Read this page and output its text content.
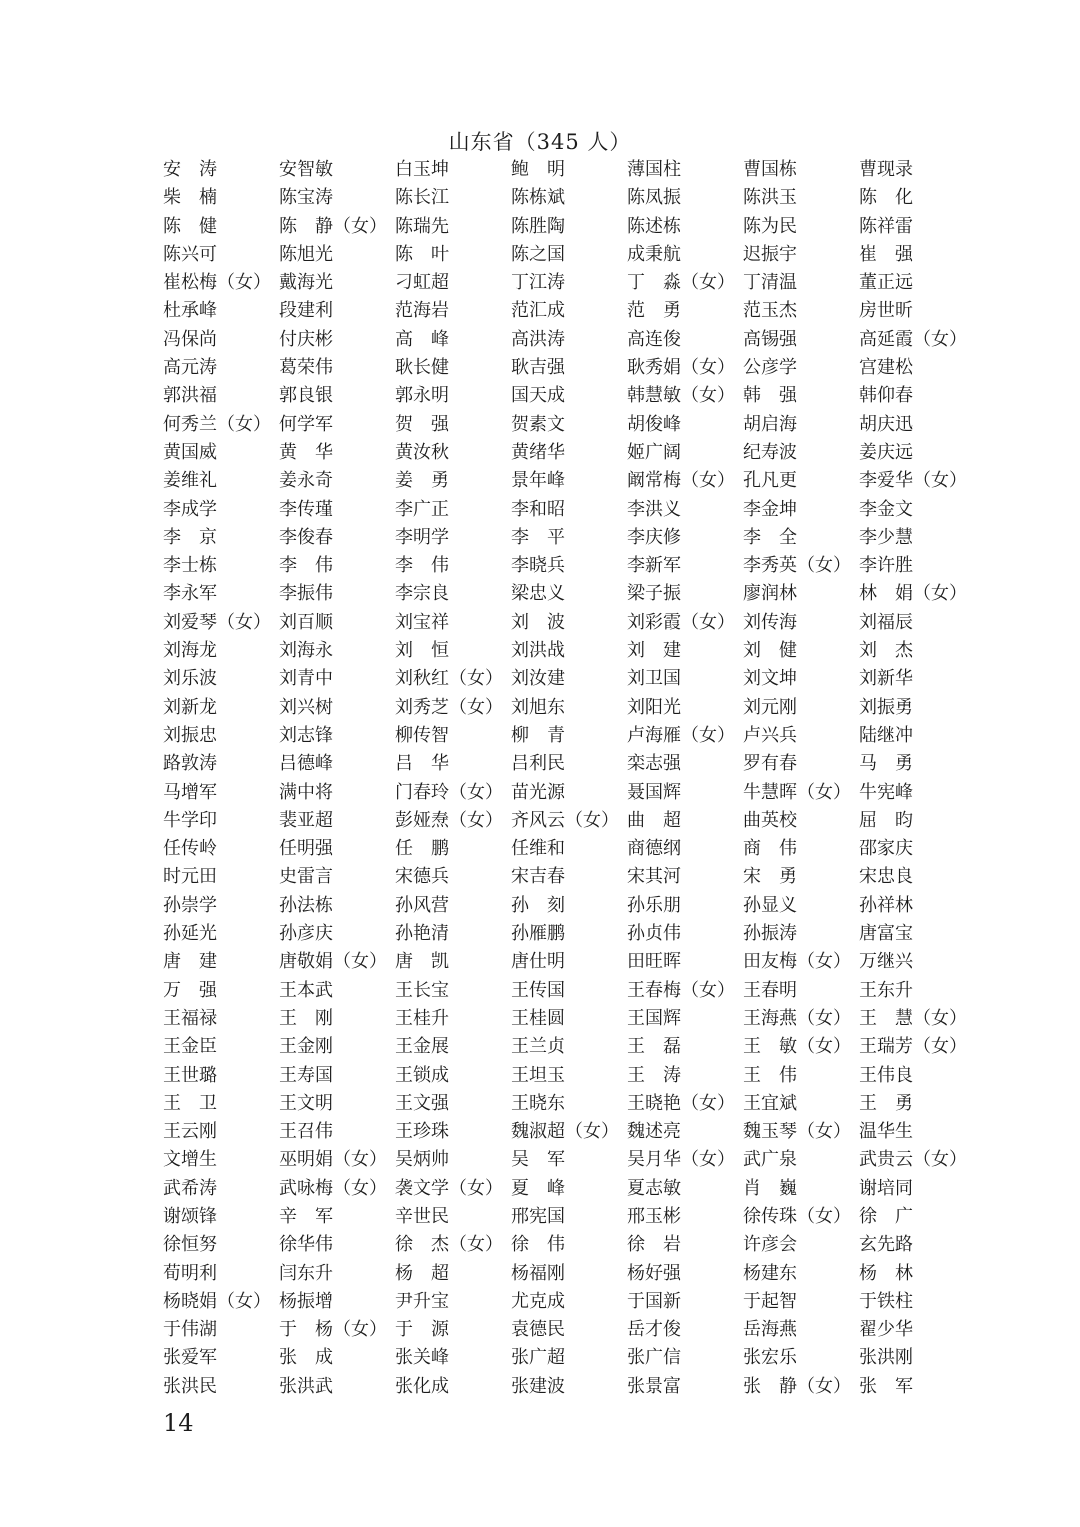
山东省（345 人）
安　涛	安智敏	白玉坤	鲍　明	薄国柱	曹国栋	曹现录
柴　楠	陈宝涛	陈长江	陈栋斌	陈凤振	陈洪玉	陈　化
陈　健	陈　静（女） 陈瑞先	陈胜陶	陈述栋	陈为民	陈祥雷
陈兴可	陈旭光	陈　叶	陈之国	成秉航	迟振宇	崔　强
崔松梅（女） 戴海光	刁虹超	丁江涛	丁　淼（女） 丁清温	董正远
杜承峰	段建利	范海岩	范汇成	范　勇	范玉杰	房世昕
冯保尚	付庆彬	高　峰	高洪涛	高连俊	高锡强	高延霞（女）
高元涛	葛荣伟	耿长健	耿吉强	耿秀娟（女） 公彦学	宫建松
郭洪福	郭良银	郭永明	国天成	韩慧敏（女） 韩　强	韩仰春
何秀兰（女） 何学军	贺　强	贺素文	胡俊峰	胡启海	胡庆迅
黄国威	黄　华	黄汝秋	黄绪华	姬广阔	纪寿波	姜庆远
姜维礼	姜永奇	姜　勇	景年峰	阚常梅（女） 孔凡更	李爱华（女）
李成学	李传瑾	李广正	李和昭	李洪义	李金坤	李金文
李　京	李俊春	李明学	李　平	李庆修	李　全	李少慧
李士栋	李　伟	李　伟	李晓兵	李新军	李秀英（女） 李许胜
李永军	李振伟	李宗良	梁忠义	梁子振	廖润林	林　娟（女）
刘爱琴（女） 刘百顺	刘宝祥	刘　波	刘彩霞（女） 刘传海	刘福辰
刘海龙	刘海永	刘　恒	刘洪战	刘　建	刘　健	刘　杰
刘乐波	刘青中	刘秋红（女） 刘汝建	刘卫国	刘文坤	刘新华
刘新龙	刘兴树	刘秀芝（女） 刘旭东	刘阳光	刘元刚	刘振勇
刘振忠	刘志锋	柳传智	柳　青	卢海雁（女） 卢兴兵	陆继冲
路敦涛	吕德峰	吕　华	吕利民	栾志强	罗有春	马　勇
马增军	满中将	门春玲（女） 苗光源	聂国辉	牛慧晖（女） 牛宪峰
牛学印	裴亚超	彭娅焘（女） 齐风云（女） 曲　超	曲英校	屈　昀
任传岭	任明强	任　鹏	任维和	商德纲	商　伟	邵家庆
时元田	史雷言	宋德兵	宋吉春	宋其河	宋　勇	宋忠良
孙崇学	孙法栋	孙风营	孙　刻	孙乐朋	孙显义	孙祥林
孙延光	孙彦庆	孙艳清	孙雁鹏	孙贞伟	孙振涛	唐富宝
唐　建	唐敬娟（女） 唐　凯	唐仕明	田旺晖	田友梅（女） 万继兴
万　强	王本武	王长宝	王传国	王春梅（女） 王春明	王东升
王福禄	王　刚	王桂升	王桂圆	王国辉	王海燕（女） 王　慧（女）
王金臣	王金刚	王金展	王兰贞	王　磊	王　敏（女） 王瑞芳（女）
王世璐	王寿国	王锁成	王坦玉	王　涛	王　伟	王伟良
王　卫	王文明	王文强	王晓东	王晓艳（女） 王宜斌	王　勇
王云刚	王召伟	王珍珠	魏淑超（女） 魏述亮	魏玉琴（女） 温华生
文增生	巫明娟（女） 吴炳帅	吴　军	吴月华（女） 武广泉	武贵云（女）
武希涛	武咏梅（女） 袭文学（女） 夏　峰	夏志敏	肖　巍	谢培同
谢颂锋	辛　军	辛世民	邢宪国	邢玉彬	徐传珠（女） 徐　广
徐恒努	徐华伟	徐　杰（女） 徐　伟	徐　岩	许彦会	玄先路
荀明利	闫东升	杨　超	杨福刚	杨好强	杨建东	杨　林
杨晓娟（女） 杨振增	尹升宝	尤克成	于国新	于起智	于铁柱
于伟湖	于　杨（女） 于　源	袁德民	岳才俊	岳海燕	翟少华
张爱军	张　成	张关峰	张广超	张广信	张宏乐	张洪刚
张洪民	张洪武	张化成	张建波	张景富	张　静（女） 张　军
14
